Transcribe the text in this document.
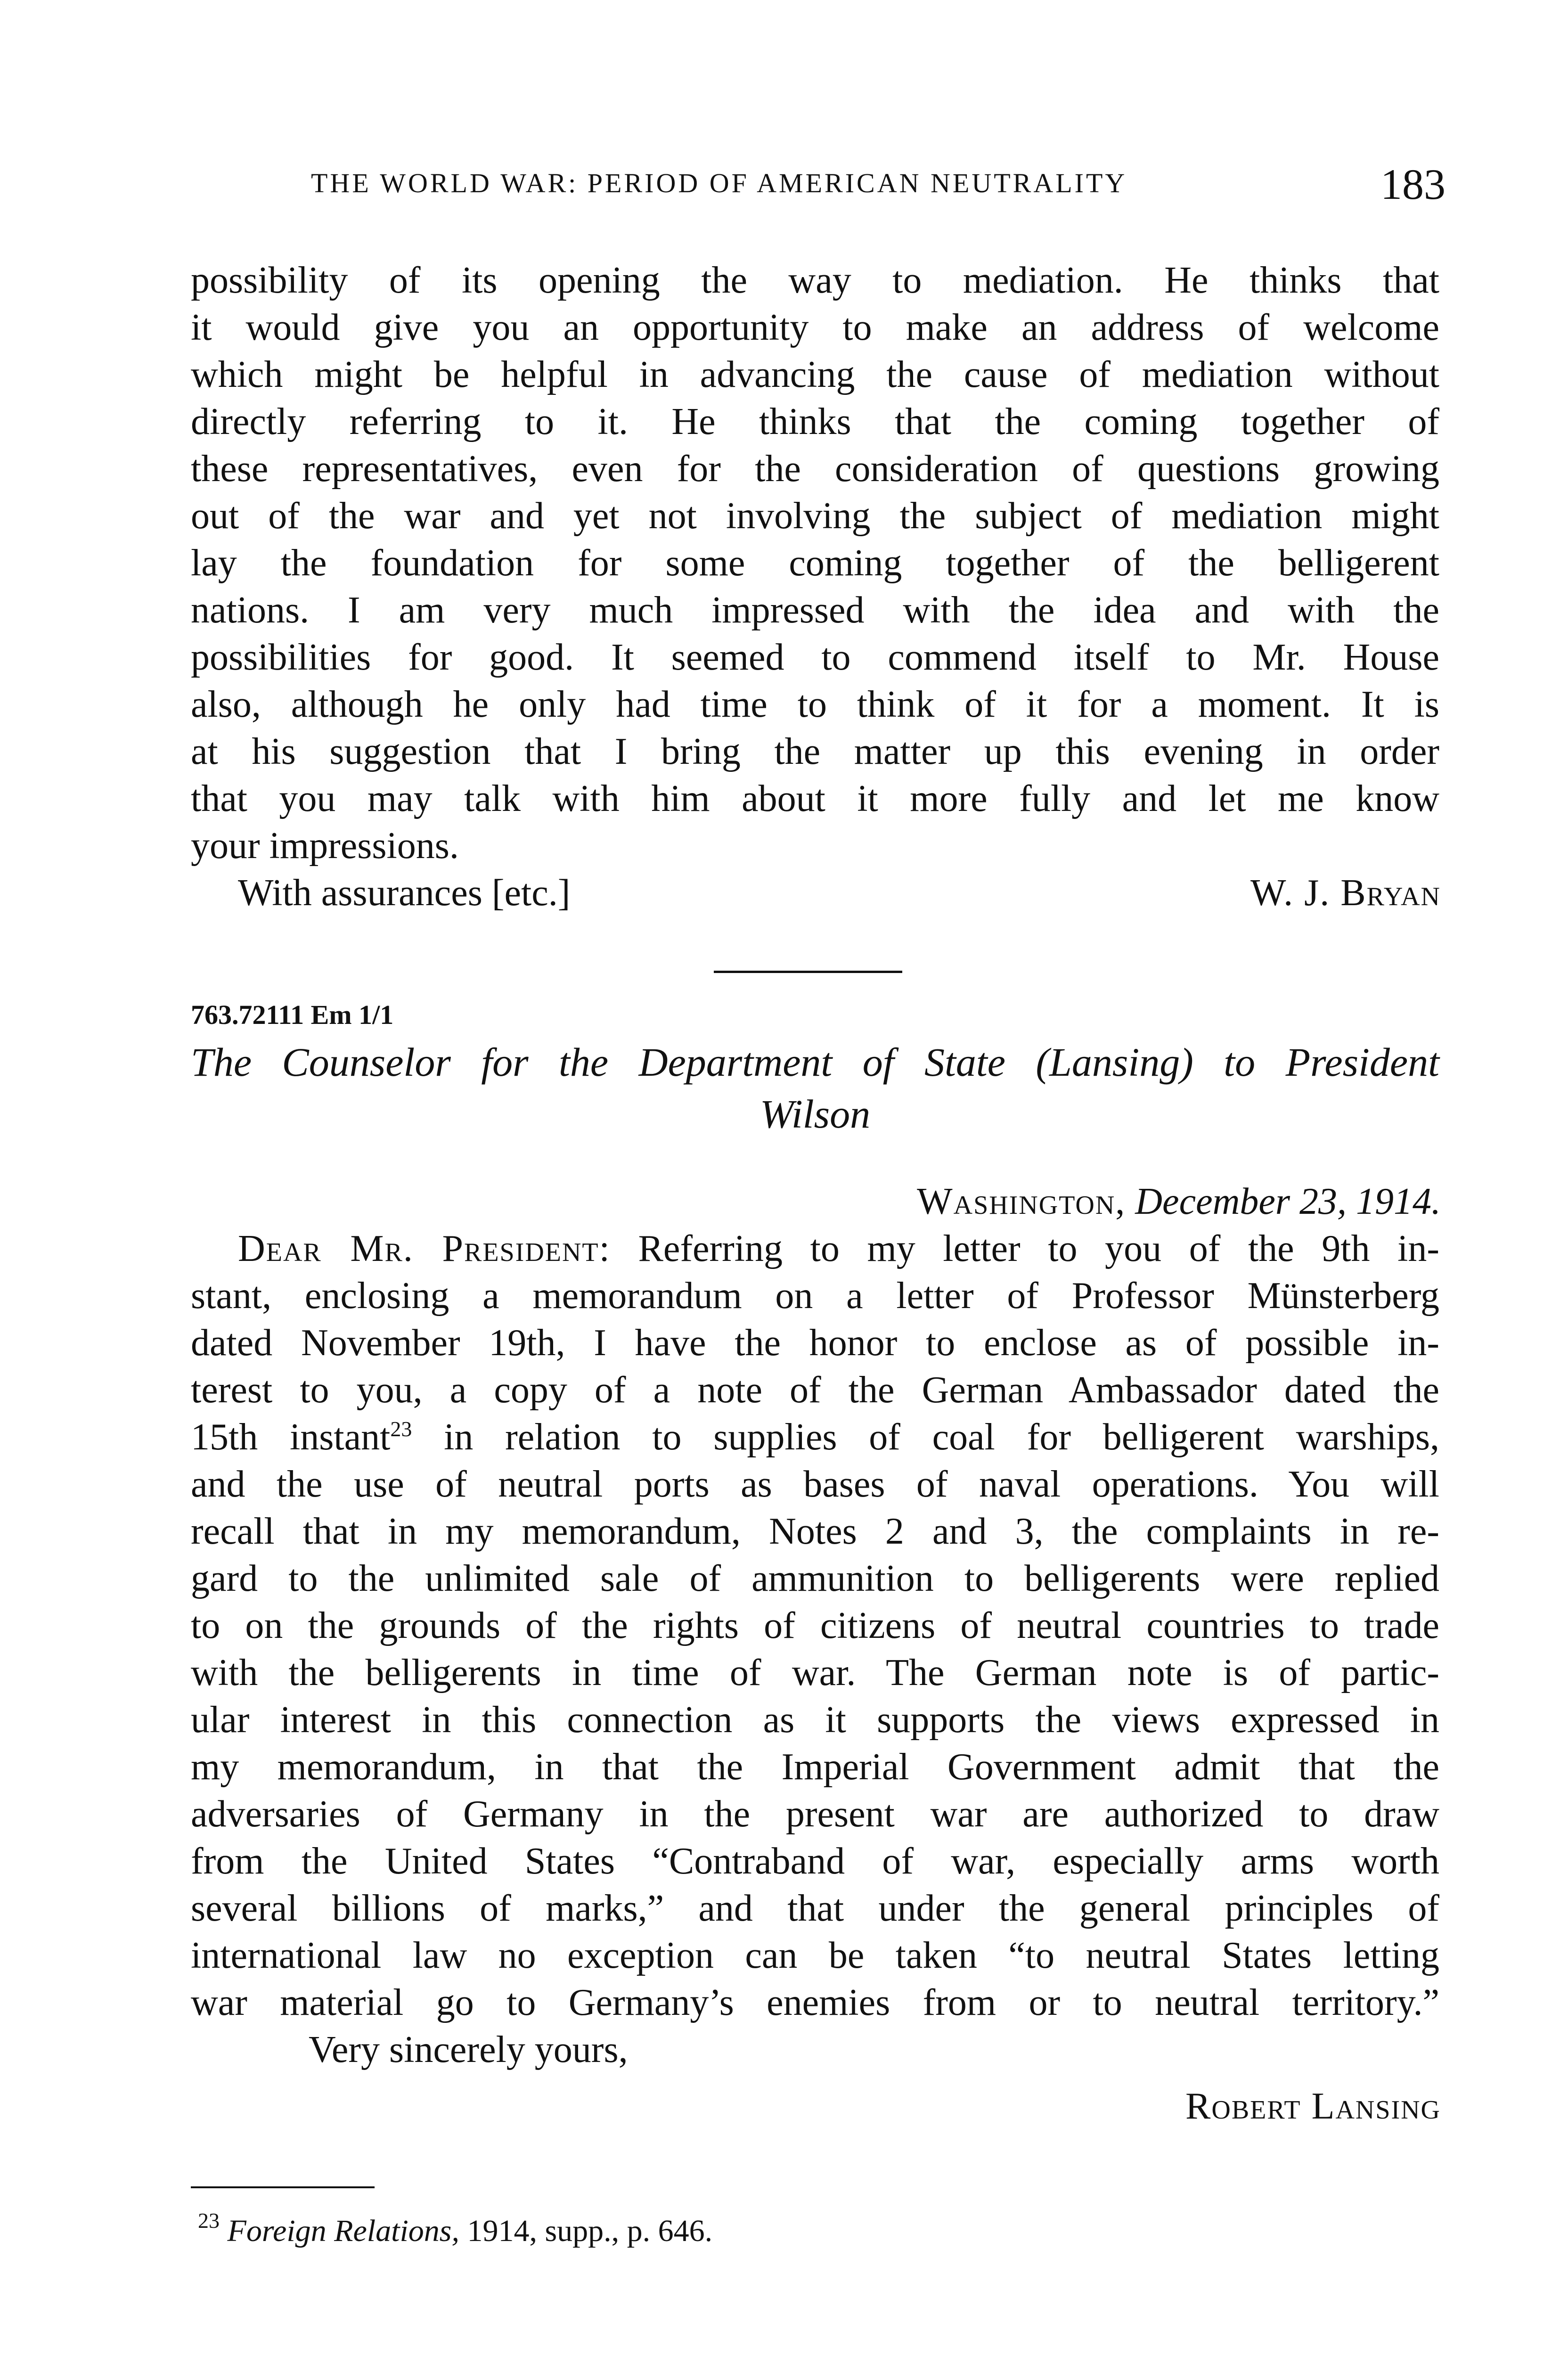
THE WORLD WAR: PERIOD OF AMERICAN NEUTRALITY	183
possibility of its opening the way to mediation. He thinks that
it would give you an opportunity to make an address of welcome
which might be helpful in advancing the cause of mediation without
directly referring to it. He thinks that the coming together of
these representatives, even for the consideration of questions growing
out of the war and yet not involving the subject of mediation might
lay the foundation for some coming together of the belligerent
nations. I am very much impressed with the idea and with the
possibilities for good. It seemed to commend itself to Mr. House
also, although he only had time to think of it for a moment. It is
at his suggestion that I bring the matter up this evening in order
that you may talk with him about it more fully and let me know
your impressions.
With assurances [etc.]	W. J. Bryan
763.72111 Em 1/1
The Counselor for the Department of State (Lansing) to President
Wilson
Washington, December 23, 1914.
Dear Mr. President: Referring to my letter to you of the 9th in-
stant, enclosing a memorandum on a letter of Professor Münsterberg
dated November 19th, I have the honor to enclose as of possible in-
terest to you, a copy of a note of the German Ambassador dated the
15th instant$^{23}$ in relation to supplies of coal for belligerent warships,
and the use of neutral ports as bases of naval operations. You will
recall that in my memorandum, Notes 2 and 3, the complaints in re-
gard to the unlimited sale of ammunition to belligerents were replied
to on the grounds of the rights of citizens of neutral countries to trade
with the belligerents in time of war. The German note is of partic-
ular interest in this connection as it supports the views expressed in
my memorandum, in that the Imperial Government admit that the
adversaries of Germany in the present war are authorized to draw
from the United States “Contraband of war, especially arms worth
several billions of marks,” and that under the general principles of
international law no exception can be taken “to neutral States letting
war material go to Germany’s enemies from or to neutral territory.”
Very sincerely yours,
Robert Lansing
$^{23}$ Foreign Relations, 1914, supp., p. 646.
